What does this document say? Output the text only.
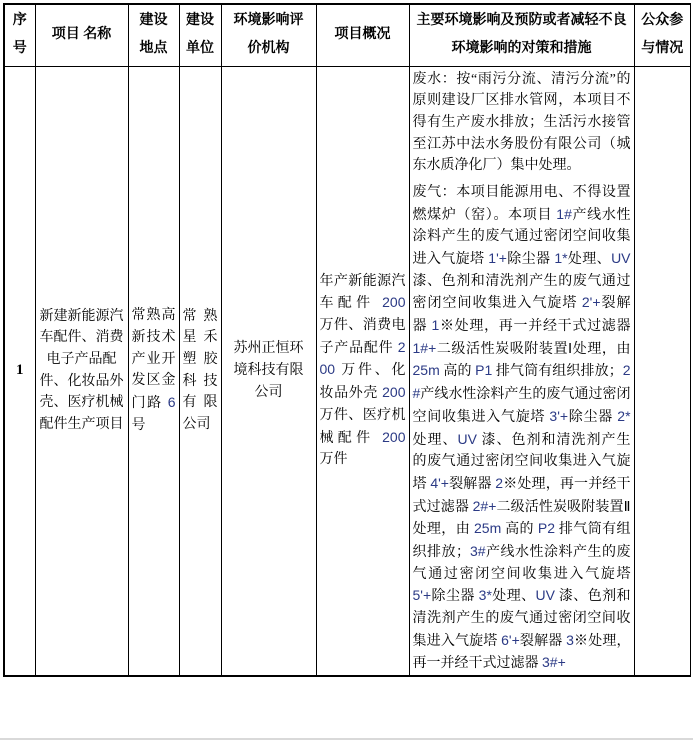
序号	项目 名称	建设 地点	建设 单位	环境影响评价机构	项目概况	主要环境影响及预防或者减轻不良环境影响的对策和措施	公众参 与情况
1	新建新能源汽车配件、消费电子产品配件、化妆品外壳、医疗机械配件生产项目	常熟高新技术产业开发区金门路 6 号	常熟星禾塑胶科技有限公司	苏州正恒环境科技有限公司	年产新能源汽车配件 200 万件、消费电子产品配件 200 万件、化妆品外壳 200 万件、医疗机械配件 200 万件	废水：按“雨污分流、清污分流”的原则建设厂区排水管网，本项目不得有生产废水排放；生活污水接管至江苏中法水务股份有限公司（城东水质净化厂）集中处理。
废气：本项目能源用电、不得设置燃煤炉（窑）。本项目 1#产线水性涂料产生的废气通过密闭空间收集进入气旋塔 1'+除尘器 1*处理、UV 漆、色剂和清洗剂产生的废气通过密闭空间收集进入气旋塔 2'+裂解器 1※处理，再一并经干式过滤器 1#+二级活性炭吸附装置Ⅰ处理，由 25m 高的 P1 排气筒有组织排放；2#产线水性涂料产生的废气通过密闭空间收集进入气旋塔 3'+除尘器 2*处理、UV 漆、色剂和清洗剂产生的废气通过密闭空间收集进入气旋塔 4'+裂解器 2※处理，再一并经干式过滤器 2#+二级活性炭吸附装置Ⅱ处理，由 25m 高的 P2 排气筒有组织排放；3#产线水性涂料产生的废气通过密闭空间收集进入气旋塔 5'+除尘器 3*处理、UV 漆、色剂和清洗剂产生的废气通过密闭空间收集进入气旋塔 6'+裂解器 3※处理，再一并经干式过滤器 3#+	
